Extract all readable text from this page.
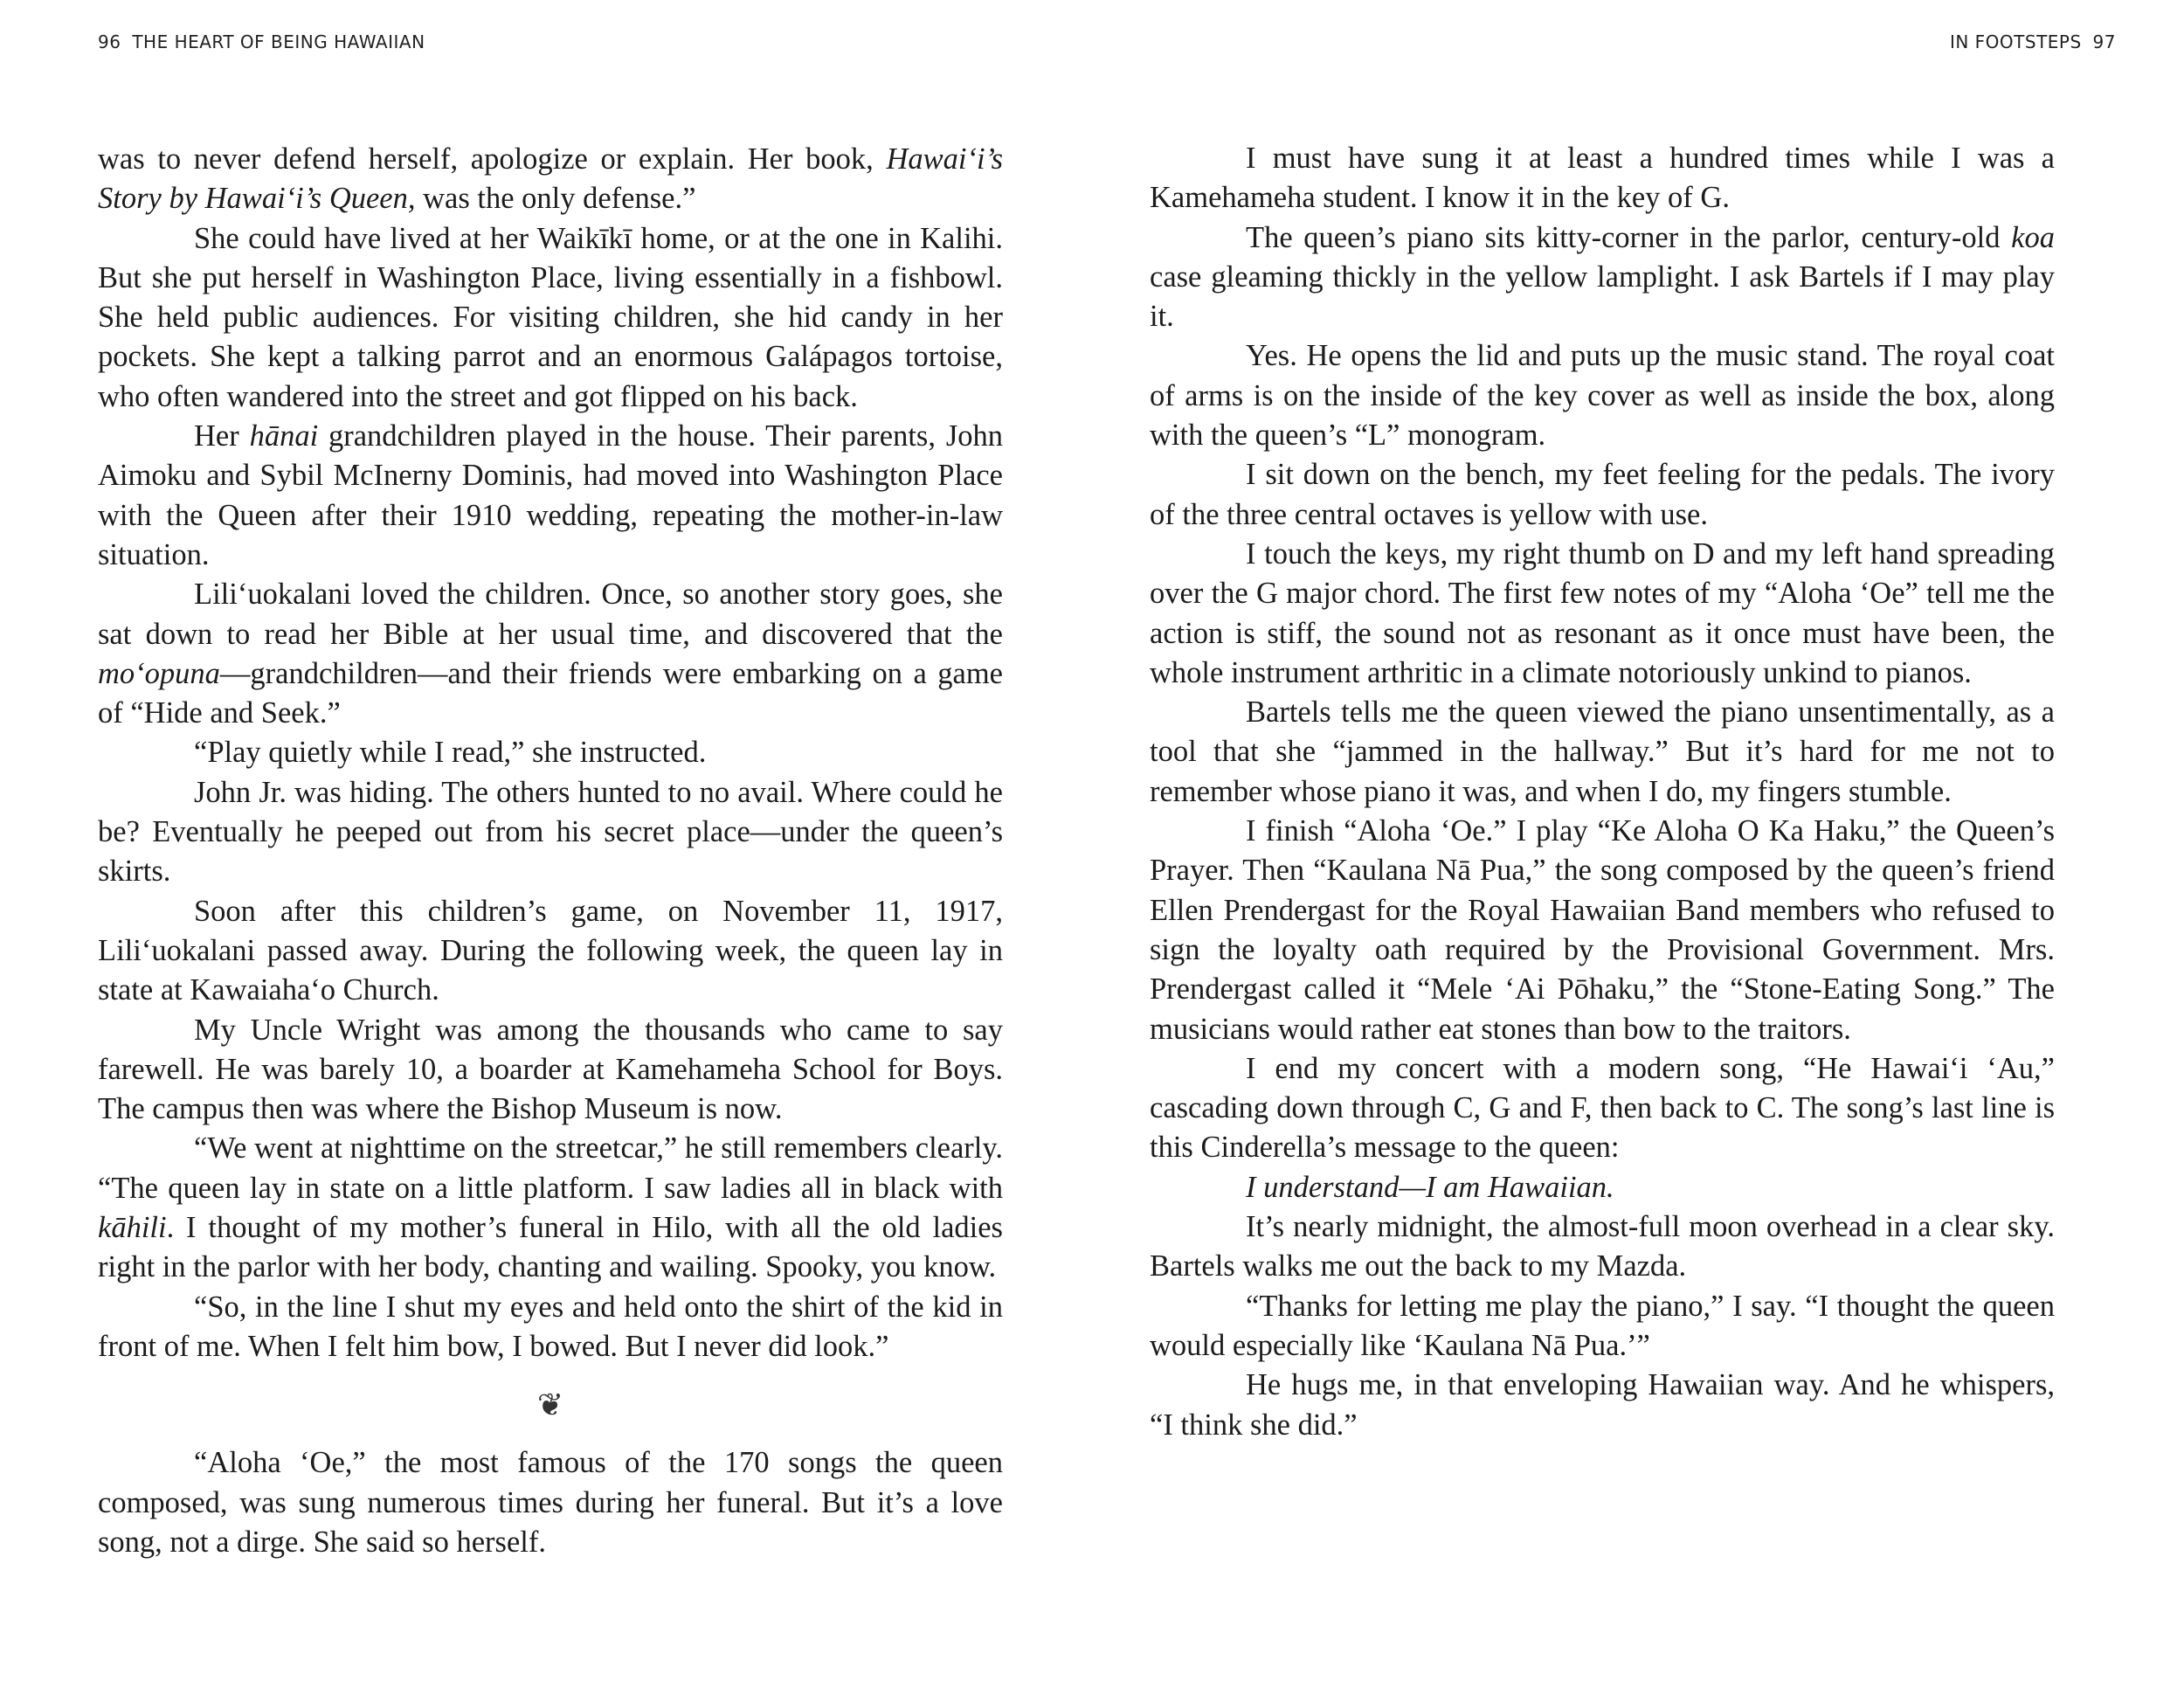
96 THE HEART OF BEING HAWAIIAN

was to never defend herself, apologize or explain. Her book, Hawai‘i’s Story by Hawai‘i’s Queen, was the only defense.”

She could have lived at her Waikīkī home, or at the one in Kalihi. But she put herself in Washington Place, living essentially in a fishbowl. She held public audiences. For visiting children, she hid candy in her pockets. She kept a talking parrot and an enormous Galápagos tortoise, who often wandered into the street and got flipped on his back.

Her hānai grandchildren played in the house. Their parents, John Aimoku and Sybil McInerny Dominis, had moved into Washington Place with the Queen after their 1910 wedding, repeating the mother-in-law situation.

Lili‘uokalani loved the children. Once, so another story goes, she sat down to read her Bible at her usual time, and discovered that the mo‘opuna—grandchildren—and their friends were embarking on a game of “Hide and Seek.”

“Play quietly while I read,” she instructed.

John Jr. was hiding. The others hunted to no avail. Where could he be? Eventually he peeped out from his secret place—under the queen’s skirts.

Soon after this children’s game, on November 11, 1917, Lili‘uokalani passed away. During the following week, the queen lay in state at Kawaiaha‘o Church.

My Uncle Wright was among the thousands who came to say farewell. He was barely 10, a boarder at Kamehameha School for Boys. The campus then was where the Bishop Museum is now.

“We went at nighttime on the streetcar,” he still remembers clearly. “The queen lay in state on a little platform. I saw ladies all in black with kāhili. I thought of my mother’s funeral in Hilo, with all the old ladies right in the parlor with her body, chanting and wailing. Spooky, you know.

“So, in the line I shut my eyes and held onto the shirt of the kid in front of me. When I felt him bow, I bowed. But I never did look.”

❦

“Aloha ‘Oe,” the most famous of the 170 songs the queen composed, was sung numerous times during her funeral. But it’s a love song, not a dirge. She said so herself.

IN FOOTSTEPS 97

I must have sung it at least a hundred times while I was a Kamehameha student. I know it in the key of G.

The queen’s piano sits kitty-corner in the parlor, century-old koa case gleaming thickly in the yellow lamplight. I ask Bartels if I may play it.

Yes. He opens the lid and puts up the music stand. The royal coat of arms is on the inside of the key cover as well as inside the box, along with the queen’s “L” monogram.

I sit down on the bench, my feet feeling for the pedals. The ivory of the three central octaves is yellow with use.

I touch the keys, my right thumb on D and my left hand spreading over the G major chord. The first few notes of my “Aloha ‘Oe” tell me the action is stiff, the sound not as resonant as it once must have been, the whole instrument arthritic in a climate notoriously unkind to pianos.

Bartels tells me the queen viewed the piano unsentimentally, as a tool that she “jammed in the hallway.” But it’s hard for me not to remember whose piano it was, and when I do, my fingers stumble.

I finish “Aloha ‘Oe.” I play “Ke Aloha O Ka Haku,” the Queen’s Prayer. Then “Kaulana Nā Pua,” the song composed by the queen’s friend Ellen Prendergast for the Royal Hawaiian Band members who refused to sign the loyalty oath required by the Provisional Government. Mrs. Prendergast called it “Mele ‘Ai Pōhaku,” the “Stone-Eating Song.” The musicians would rather eat stones than bow to the traitors.

I end my concert with a modern song, “He Hawai‘i ‘Au,” cascading down through C, G and F, then back to C. The song’s last line is this Cinderella’s message to the queen:

I understand—I am Hawaiian.

It’s nearly midnight, the almost-full moon overhead in a clear sky. Bartels walks me out the back to my Mazda.

“Thanks for letting me play the piano,” I say. “I thought the queen would especially like ‘Kaulana Nā Pua.’”

He hugs me, in that enveloping Hawaiian way. And he whispers, “I think she did.”
